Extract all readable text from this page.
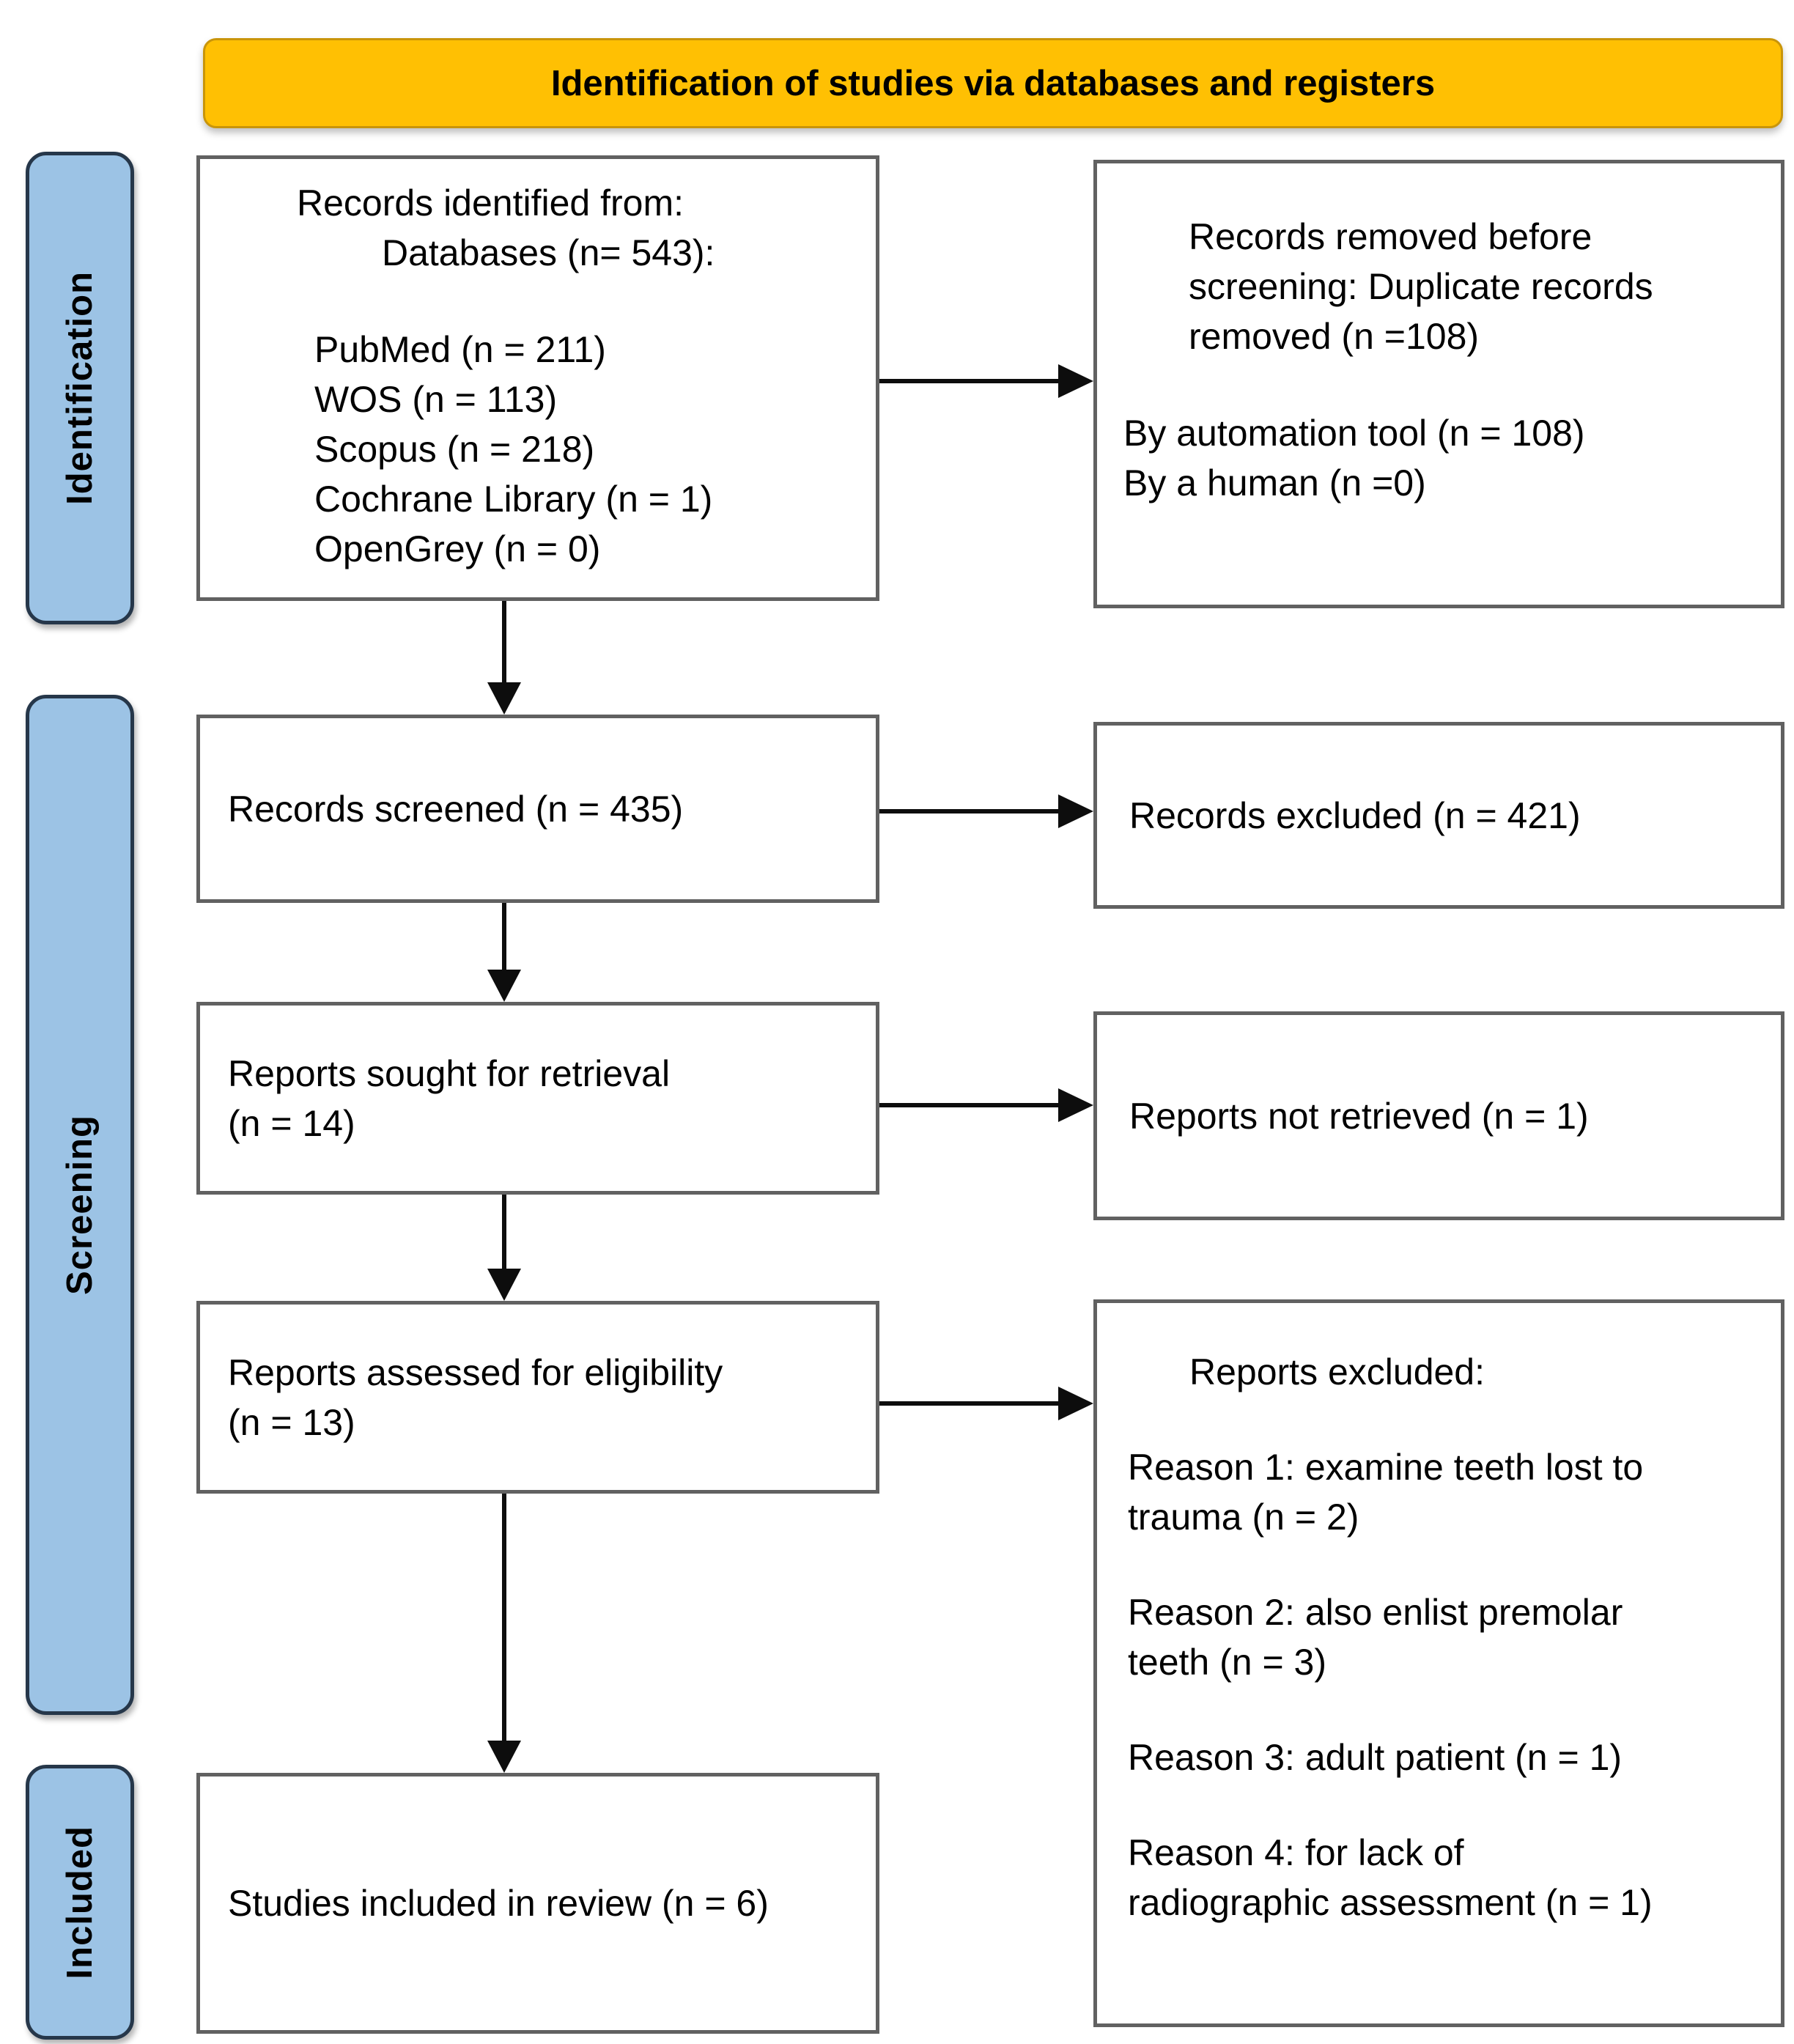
Identification of studies via databases and registers
Identification
Screening
Included
Records identified from:
Databases (n= 543):
PubMed (n = 211)
WOS (n = 113)
Scopus (n = 218)
Cochrane Library (n = 1)
OpenGrey (n = 0)
Records removed before
screening: Duplicate records
removed (n =108)
By automation tool (n = 108)
By a human (n =0)
Records screened (n = 435)	Records excluded (n = 421)
Reports sought for retrieval
(n = 14)	Reports not retrieved (n = 1)
Reports assessed for eligibility
(n = 13)
Reports excluded:
Reason 1: examine teeth lost to
trauma (n = 2)
Reason 2: also enlist premolar
teeth (n = 3)
Reason 3: adult patient (n = 1)
Reason 4: for lack of
radiographic assessment (n = 1)
Studies included in review (n = 6)
